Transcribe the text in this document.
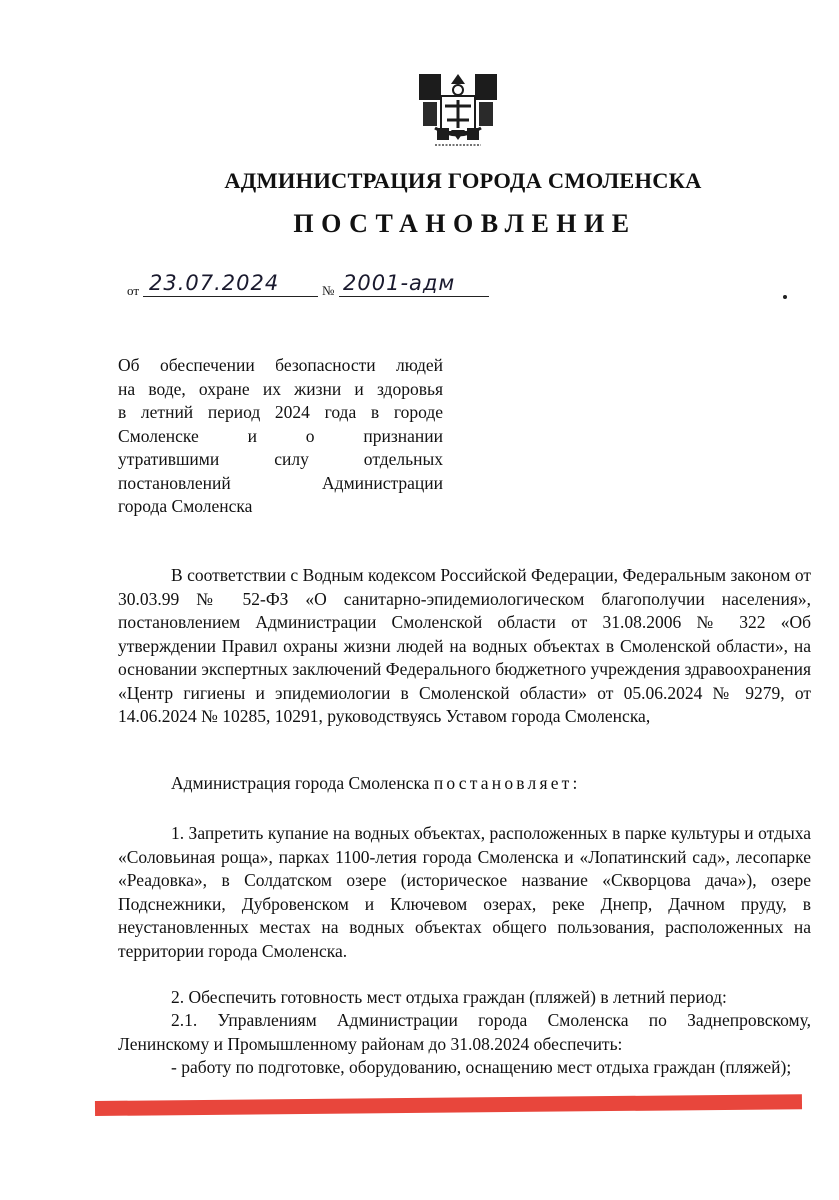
АДМИНИСТРАЦИЯ ГОРОДА СМОЛЕНСКА
ПОСТАНОВЛЕНИЕ
от 23.07.2024	№ 2001-адм
Об обеспечении безопасности людей
на воде, охране их жизни и здоровья
в летний период 2024 года в городе
Смоленске и о признании
утратившими силу отдельных
постановлений Администрации
города Смоленска
В соответствии с Водным кодексом Российской Федерации, Федеральным законом от 30.03.99 № 52-ФЗ «О санитарно-эпидемиологическом благополучии населения», постановлением Администрации Смоленской области от 31.08.2006 № 322 «Об утверждении Правил охраны жизни людей на водных объектах в Смоленской области», на основании экспертных заключений Федерального бюджетного учреждения здравоохранения «Центр гигиены и эпидемиологии в Смоленской области» от 05.06.2024 № 9279, от 14.06.2024 № 10285, 10291, руководствуясь Уставом города Смоленска,
Администрация города Смоленска постановляет:
1. Запретить купание на водных объектах, расположенных в парке культуры и отдыха «Соловьиная роща», парках 1100-летия города Смоленска и «Лопатинский сад», лесопарке «Реадовка», в Солдатском озере (историческое название «Скворцова дача»), озере Подснежники, Дубровенском и Ключевом озерах, реке Днепр, Дачном пруду, в неустановленных местах на водных объектах общего пользования, расположенных на территории города Смоленска.
2. Обеспечить готовность мест отдыха граждан (пляжей) в летний период:
2.1. Управлениям Администрации города Смоленска по Заднепровскому, Ленинскому и Промышленному районам до 31.08.2024 обеспечить:
- работу по подготовке, оборудованию, оснащению мест отдыха граждан (пляжей);
